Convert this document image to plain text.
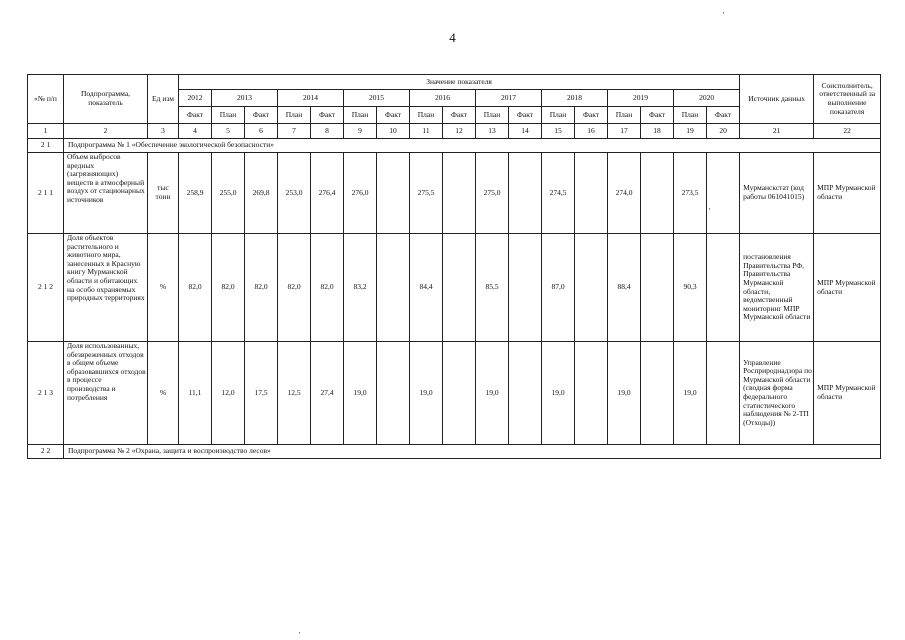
4
«№ п/п	Подпрограмма, показатель	Ед изм	Значение показателя																	Источник данных	Соисполнитель, ответственный за выполнение показателя
			2012	2013		2014		2015		2016		2017		2018		2019		2020			
			Факт	План	Факт	План	Факт	План	Факт	План	Факт	План	Факт	План	Факт	План	Факт	План	Факт		
1	2	3	4	5	6	7	8	9	10	11	12	13	14	15	16	17	18	19	20	21	22
2 1	Подпрограмма № 1 «Обеспечение экологической безопасности»																				
2 1 1	Объем выбросов вредных (загрязняющих) веществ в атмосферный воздух от стационарных источников	тыс тонн	258,9	255,0	269,8	253,0	276,4	276,0		275,5		275,0		274,5		274,0		273,5		Мурманскстат (код работы 061041015)	МПР Мурманской области
2 1 2	Доля объектов растительного и животного мира, занесенных в Красную книгу Мурманской области и обитающих на особо охраняемых природных территориях	%	82,0	82,0	82,0	82,0	82,0	83,2		84,4		85,5		87,0		88,4		90,3		постановления Правительства РФ, Правительства Мурманской области, ведомственный мониторинг МПР Мурманской области	МПР Мурманской области
2 1 3	Доля использованных, обезвреженных отходов в общем объеме образовавшихся отходов в процессе производства и потребления	%	11,1	12,0	17,5	12,5	27,4	19,0		19,0		19,0		19,0		19,0		19,0		Управление Росприроднадзора по Мурманской области (сводная форма федерального статистического наблюдения № 2-ТП (Отходы))	МПР Мурманской области
2 2	Подпрограмма № 2 «Охрана, защита и воспроизводство лесов»																				
·
·
·
